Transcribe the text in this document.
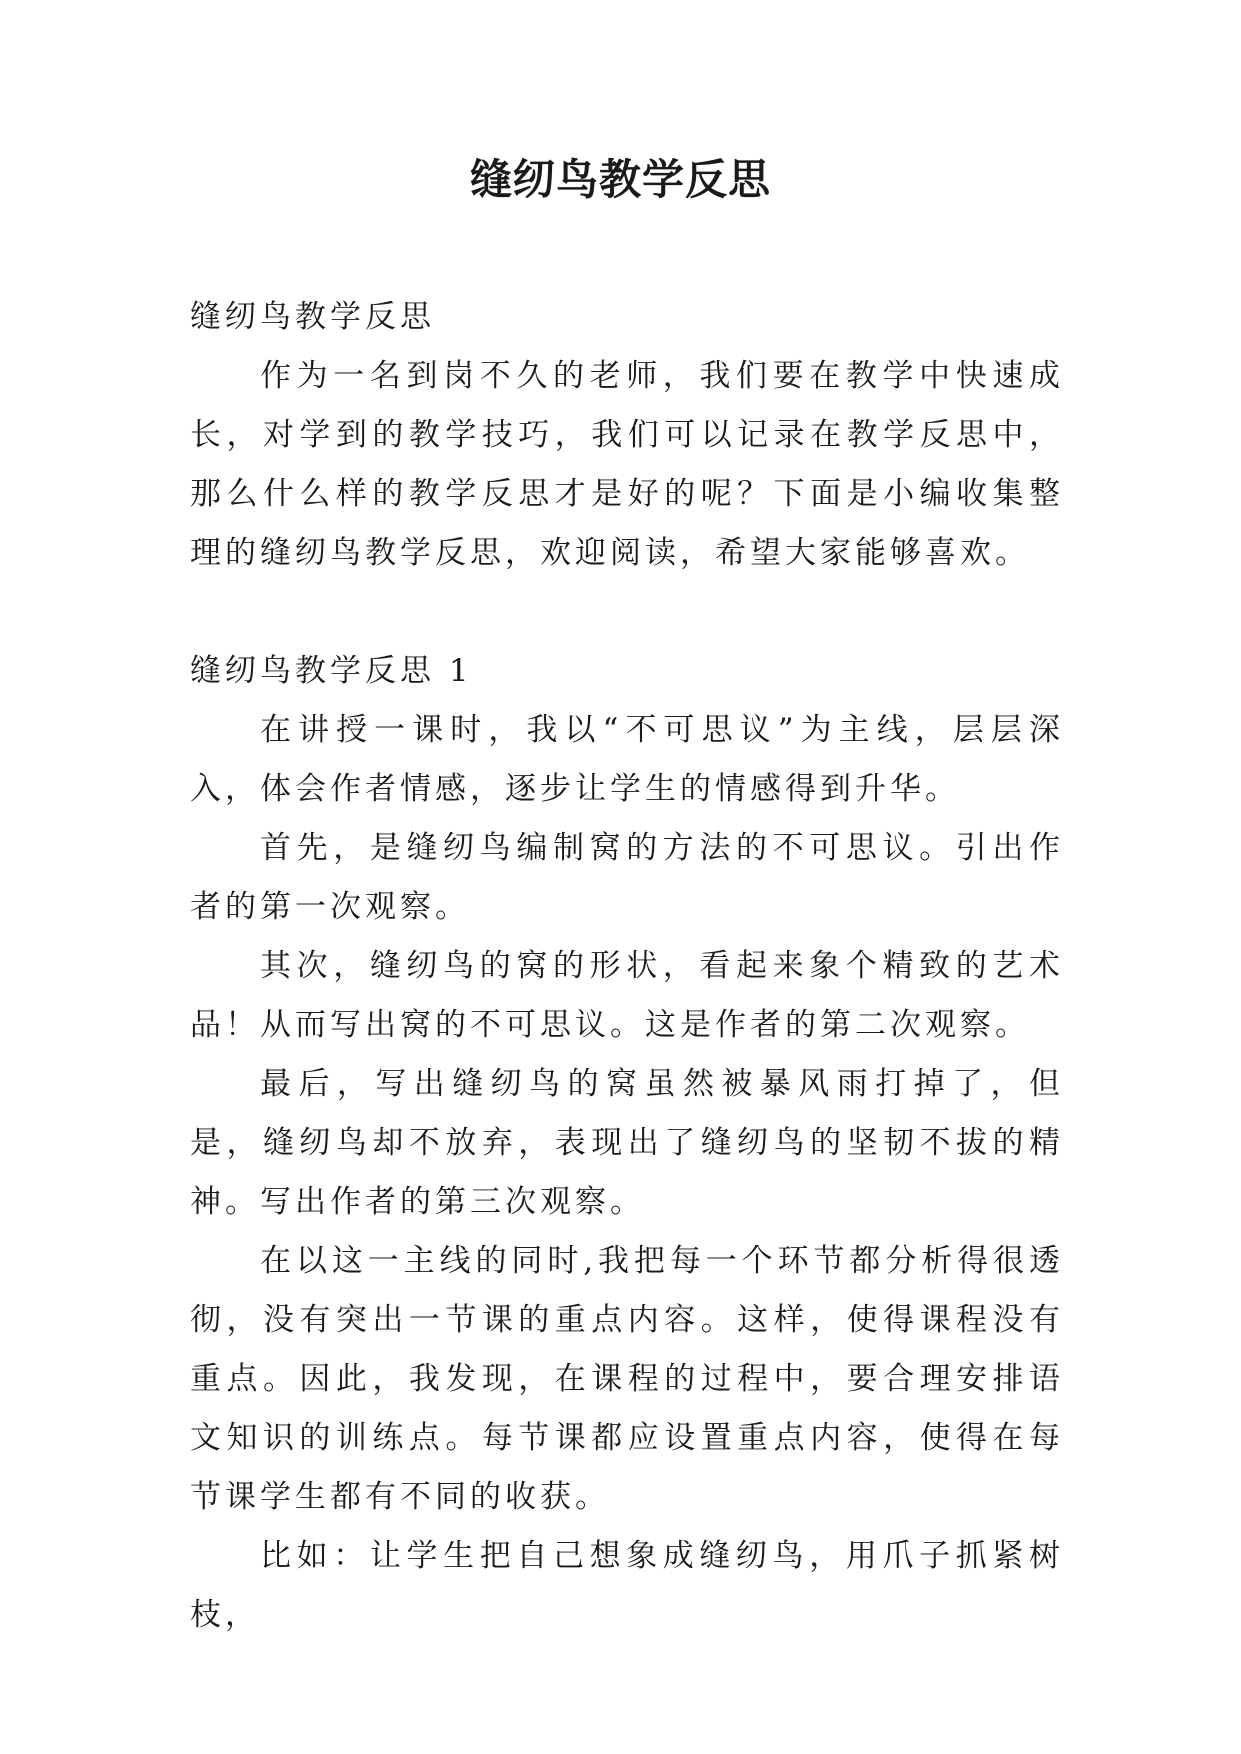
缝纫鸟教学反思

缝纫鸟教学反思

作为一名到岗不久的老师，我们要在教学中快速成长，对学到的教学技巧，我们可以记录在教学反思中，那么什么样的教学反思才是好的呢？下面是小编收集整理的缝纫鸟教学反思，欢迎阅读，希望大家能够喜欢。

缝纫鸟教学反思 1

在讲授一课时，我以“不可思议”为主线，层层深入，体会作者情感，逐步让学生的情感得到升华。

首先，是缝纫鸟编制窝的方法的不可思议。引出作者的第一次观察。

其次，缝纫鸟的窝的形状，看起来象个精致的艺术品！从而写出窝的不可思议。这是作者的第二次观察。

最后，写出缝纫鸟的窝虽然被暴风雨打掉了，但是，缝纫鸟却不放弃，表现出了缝纫鸟的坚韧不拔的精神。写出作者的第三次观察。

在以这一主线的同时,我把每一个环节都分析得很透彻，没有突出一节课的重点内容。这样，使得课程没有重点。因此，我发现，在课程的过程中，要合理安排语文知识的训练点。每节课都应设置重点内容，使得在每节课学生都有不同的收获。

比如：让学生把自己想象成缝纫鸟，用爪子抓紧树枝，
